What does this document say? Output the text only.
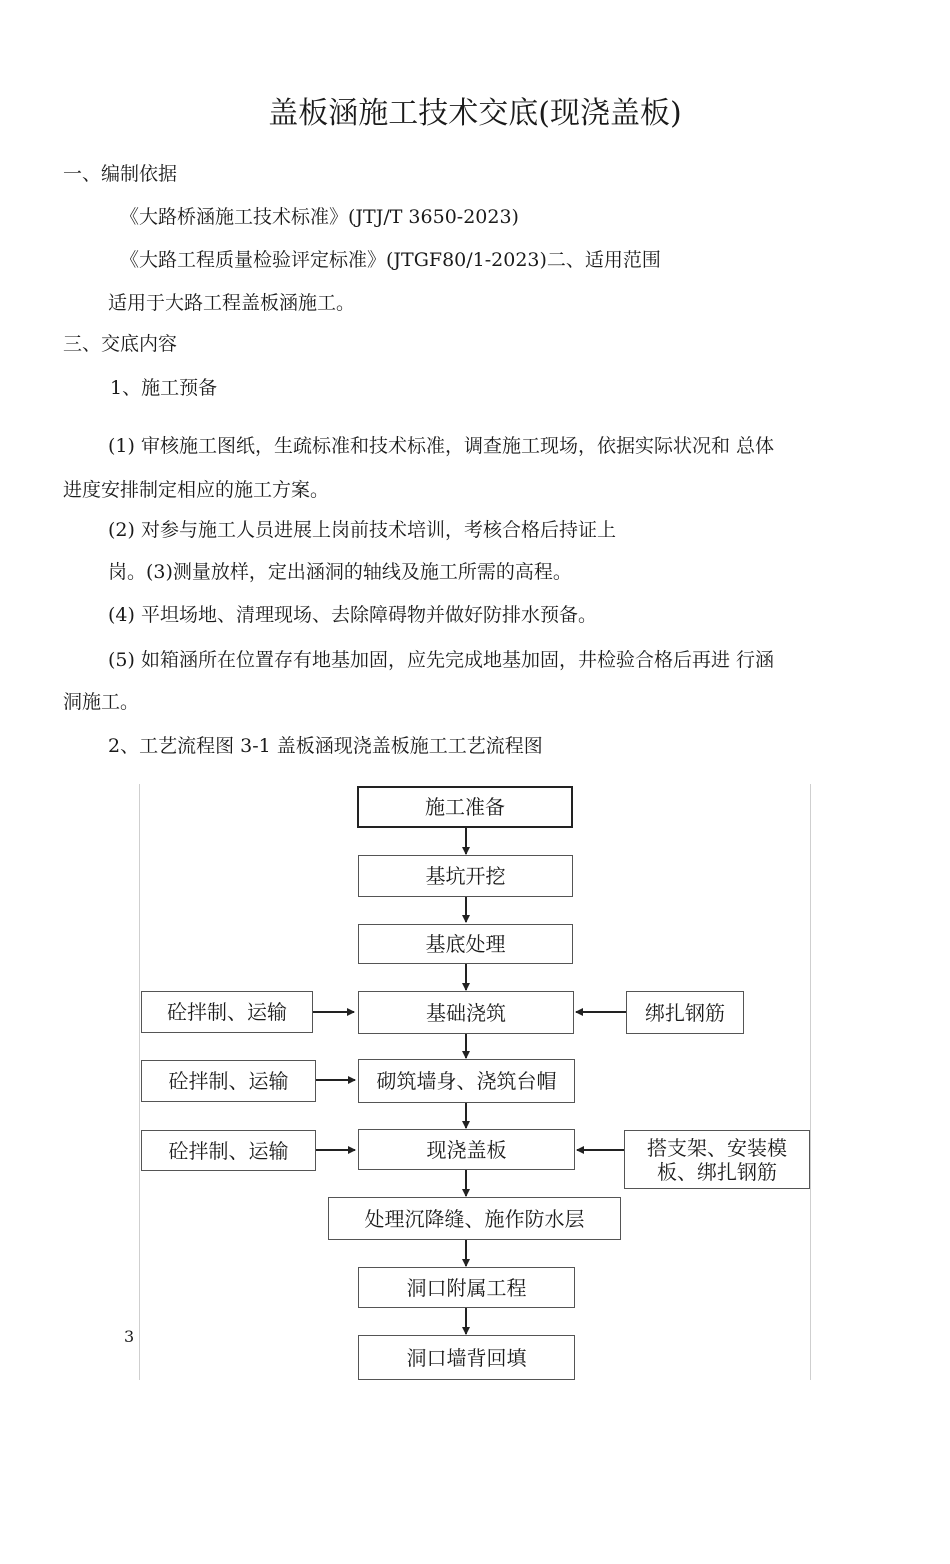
盖板涵施工技术交底(现浇盖板)
一、编制依据
《大路桥涵施工技术标准》(JTJ/T 3650-2023)
《大路工程质量检验评定标准》(JTGF80/1-2023)二、适用范围
适用于大路工程盖板涵施工。
三、交底内容
1、施工预备
(1) 审核施工图纸，生疏标准和技术标准，调查施工现场，依据实际状况和 总体
进度安排制定相应的施工方案。
(2) 对参与施工人员进展上岗前技术培训，考核合格后持证上
岗。(3)测量放样，定出涵洞的轴线及施工所需的高程。
(4) 平坦场地、清理现场、去除障碍物并做好防排水预备。
(5) 如箱涵所在位置存有地基加固，应先完成地基加固，井检验合格后再进 行涵
洞施工。
2、工艺流程图 3-1 盖板涵现浇盖板施工工艺流程图
3
施工准备
基坑开挖
基底处理
基础浇筑
砌筑墙身、浇筑台帽
现浇盖板
处理沉降缝、施作防水层
洞口附属工程
洞口墙背回填
砼拌制、运输
砼拌制、运输
砼拌制、运输
绑扎钢筋
搭支架、安装模
板、绑扎钢筋
